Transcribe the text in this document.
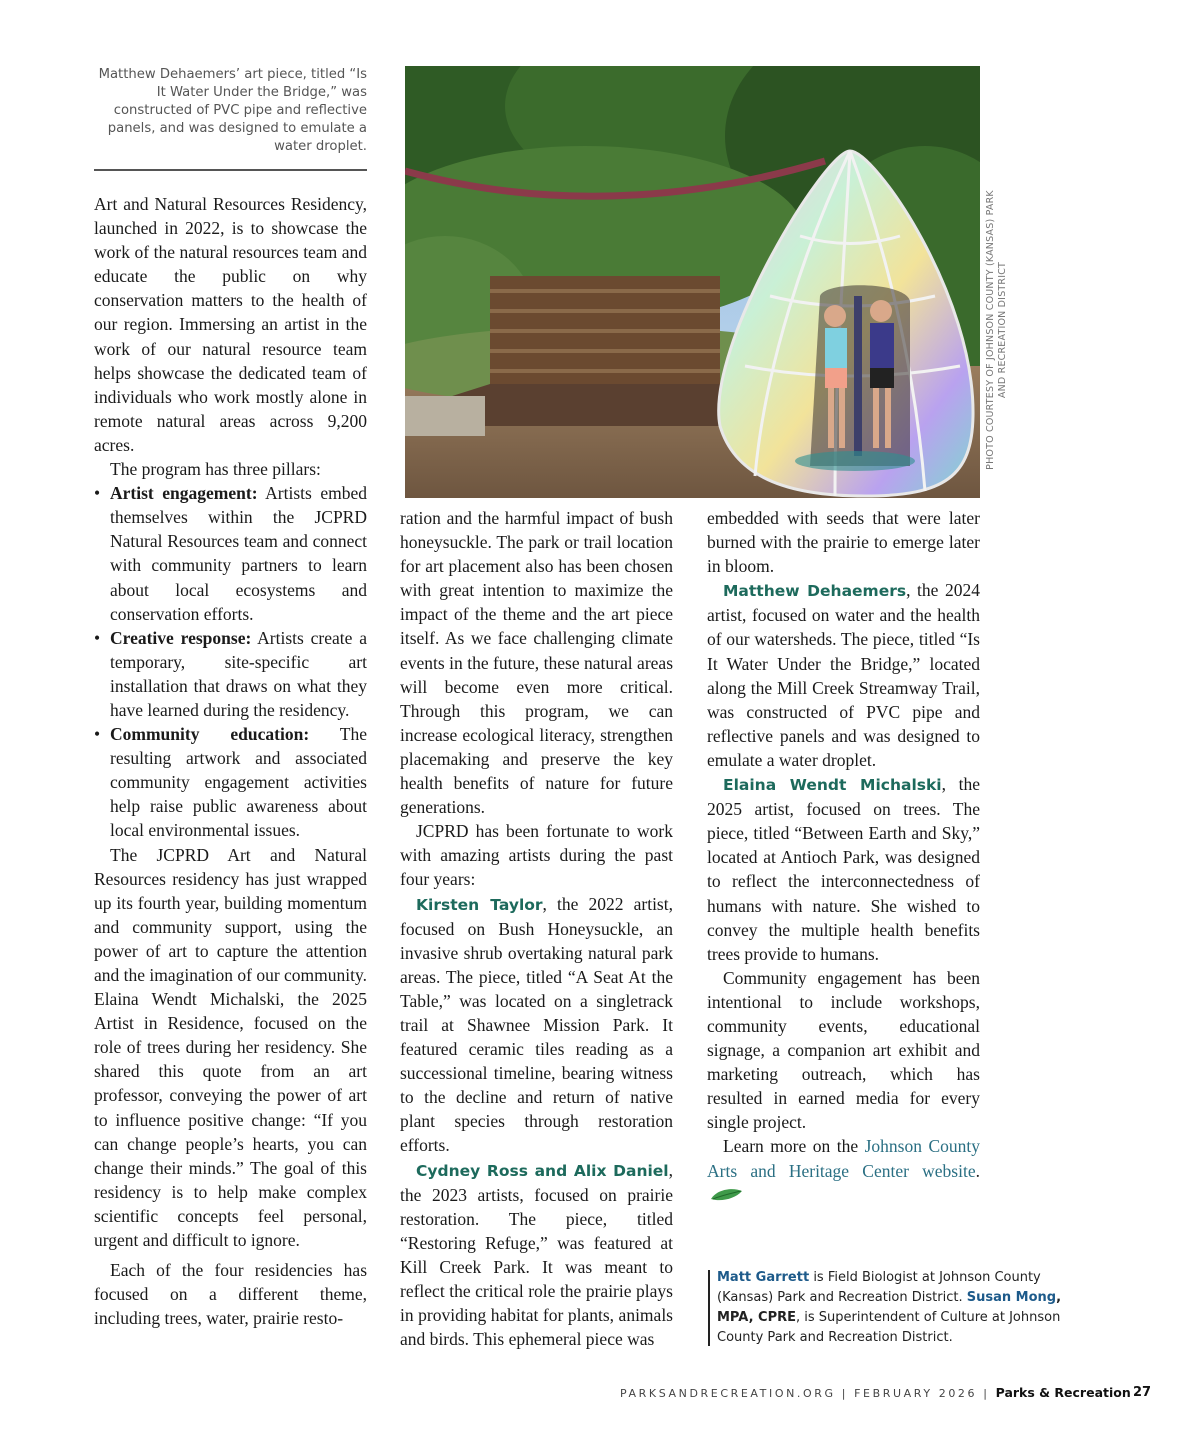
Matthew Dehaemers’ art piece, titled “Is It Water Under the Bridge,” was constructed of PVC pipe and reflective panels, and was designed to emulate a water droplet.

Art and Natural Resources Residency, launched in 2022, is to showcase the work of the natural resources team and educate the public on why conservation matters to the health of our region. Immersing an artist in the work of our natural resource team helps showcase the dedicated team of individuals who work mostly alone in remote natural areas across 9,200 acres.

The program has three pillars:

• Artist engagement: Artists embed themselves within the JCPRD Natural Resources team and connect with community partners to learn about local ecosystems and conservation efforts.
• Creative response: Artists create a temporary, site-specific art installation that draws on what they have learned during the residency.
• Community education: The resulting artwork and associated community engagement activities help raise public awareness about local environmental issues.

The JCPRD Art and Natural Resources residency has just wrapped up its fourth year, building momentum and community support, using the power of art to capture the attention and the imagination of our community. Elaina Wendt Michalski, the 2025 Artist in Residence, focused on the role of trees during her residency. She shared this quote from an art professor, conveying the power of art to influence positive change: “If you can change people’s hearts, you can change their minds.” The goal of this residency is to help make complex scientific concepts feel personal, urgent and difficult to ignore.

Each of the four residencies has focused on a different theme, including trees, water, prairie resto-

PHOTO COURTESY OF JOHNSON COUNTY (KANSAS) PARK AND RECREATION DISTRICT

ration and the harmful impact of bush honeysuckle. The park or trail location for art placement also has been chosen with great intention to maximize the impact of the theme and the art piece itself. As we face challenging climate events in the future, these natural areas will become even more critical. Through this program, we can increase ecological literacy, strengthen placemaking and preserve the key health benefits of nature for future generations.

JCPRD has been fortunate to work with amazing artists during the past four years:

Kirsten Taylor, the 2022 artist, focused on Bush Honeysuckle, an invasive shrub overtaking natural park areas. The piece, titled “A Seat At the Table,” was located on a singletrack trail at Shawnee Mission Park. It featured ceramic tiles reading as a successional timeline, bearing witness to the decline and return of native plant species through restoration efforts.

Cydney Ross and Alix Daniel, the 2023 artists, focused on prairie restoration. The piece, titled “Restoring Refuge,” was featured at Kill Creek Park. It was meant to reflect the critical role the prairie plays in providing habitat for plants, animals and birds. This ephemeral piece was

embedded with seeds that were later burned with the prairie to emerge later in bloom.

Matthew Dehaemers, the 2024 artist, focused on water and the health of our watersheds. The piece, titled “Is It Water Under the Bridge,” located along the Mill Creek Streamway Trail, was constructed of PVC pipe and reflective panels and was designed to emulate a water droplet.

Elaina Wendt Michalski, the 2025 artist, focused on trees. The piece, titled “Between Earth and Sky,” located at Antioch Park, was designed to reflect the interconnectedness of humans with nature. She wished to convey the multiple health benefits trees provide to humans.

Community engagement has been intentional to include workshops, community events, educational signage, a companion art exhibit and marketing outreach, which has resulted in earned media for every single project.

Learn more on the Johnson County Arts and Heritage Center website.

Matt Garrett is Field Biologist at Johnson County (Kansas) Park and Recreation District. Susan Mong, MPA, CPRE, is Superintendent of Culture at Johnson County Park and Recreation District.
PARKSANDRECREATION.ORG | FEBRUARY 2026 | Parks & Recreation 27
